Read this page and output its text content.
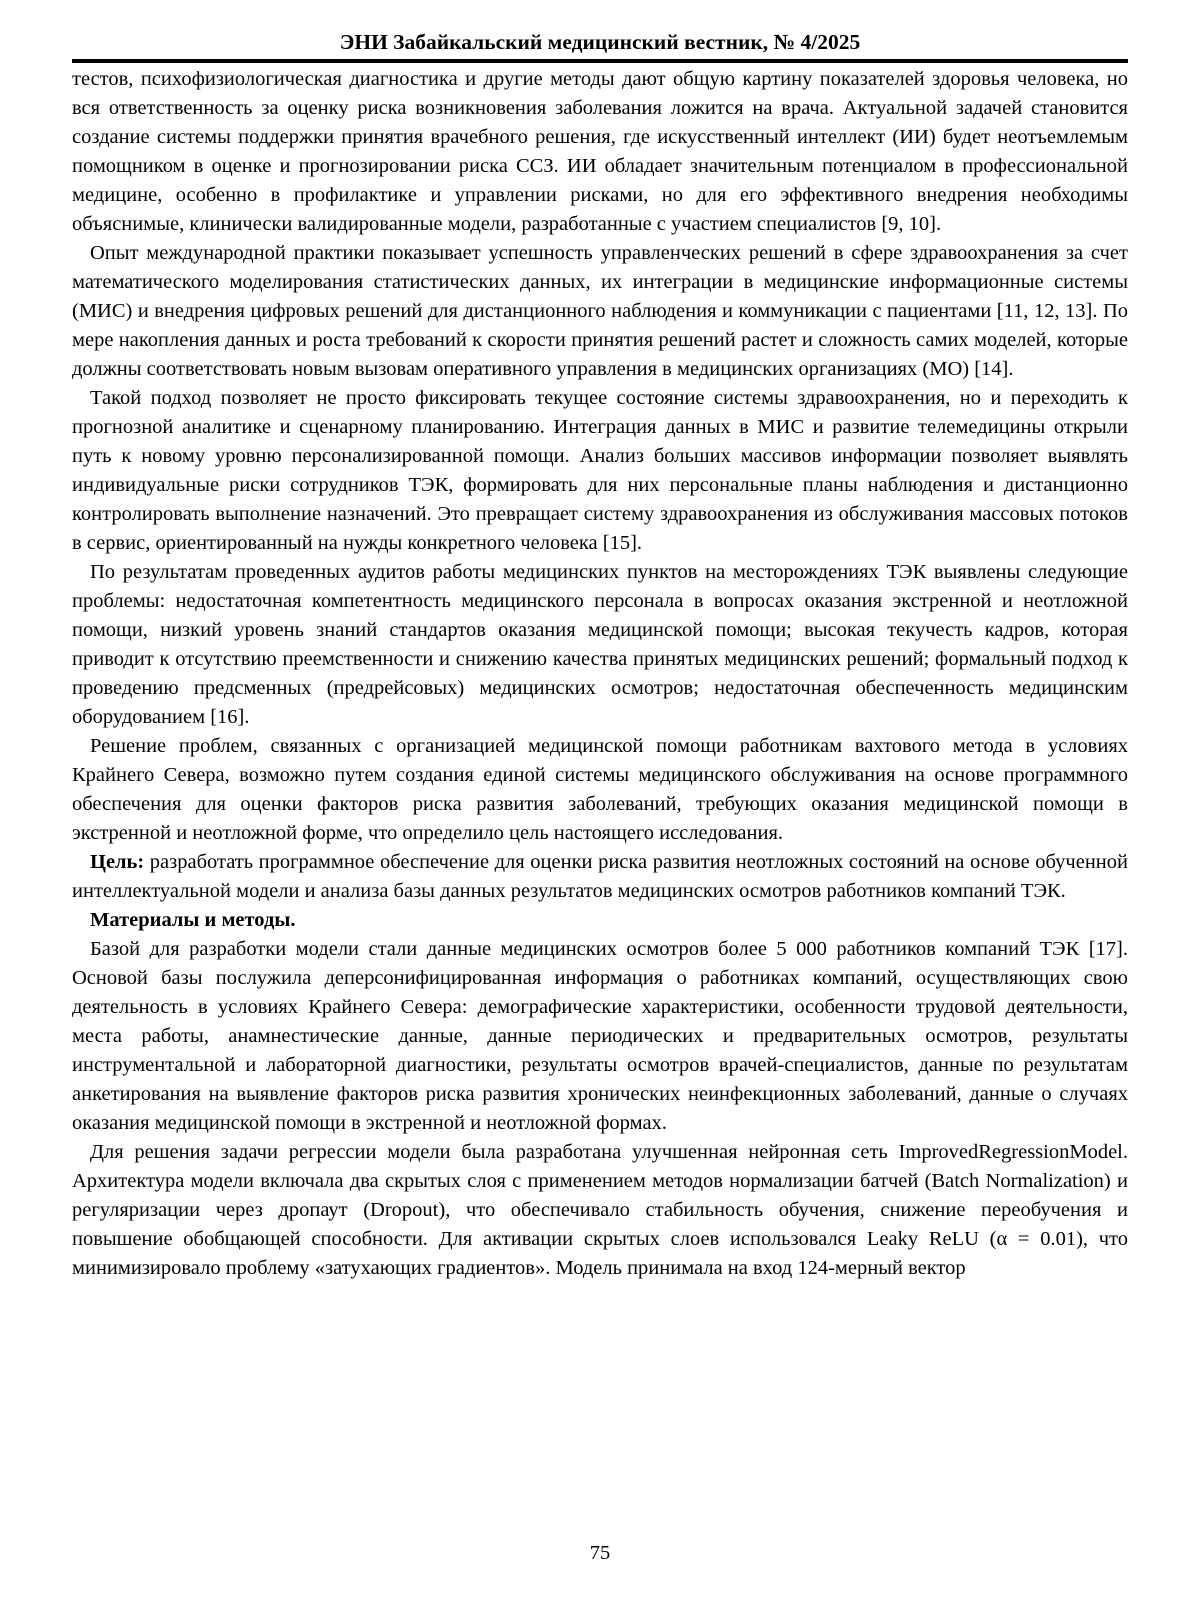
ЭНИ Забайкальский медицинский вестник, № 4/2025

тестов, психофизиологическая диагностика и другие методы дают общую картину показателей здоровья человека, но вся ответственность за оценку риска возникновения заболевания ложится на врача. Актуальной задачей становится создание системы поддержки принятия врачебного решения, где искусственный интеллект (ИИ) будет неотъемлемым помощником в оценке и прогнозировании риска ССЗ. ИИ обладает значительным потенциалом в профессиональной медицине, особенно в профилактике и управлении рисками, но для его эффективного внедрения необходимы объяснимые, клинически валидированные модели, разработанные с участием специалистов [9, 10].

Опыт международной практики показывает успешность управленческих решений в сфере здравоохранения за счет математического моделирования статистических данных, их интеграции в медицинские информационные системы (МИС) и внедрения цифровых решений для дистанционного наблюдения и коммуникации с пациентами [11, 12, 13]. По мере накопления данных и роста требований к скорости принятия решений растет и сложность самих моделей, которые должны соответствовать новым вызовам оперативного управления в медицинских организациях (МО) [14].

Такой подход позволяет не просто фиксировать текущее состояние системы здравоохранения, но и переходить к прогнозной аналитике и сценарному планированию. Интеграция данных в МИС и развитие телемедицины открыли путь к новому уровню персонализированной помощи. Анализ больших массивов информации позволяет выявлять индивидуальные риски сотрудников ТЭК, формировать для них персональные планы наблюдения и дистанционно контролировать выполнение назначений. Это превращает систему здравоохранения из обслуживания массовых потоков в сервис, ориентированный на нужды конкретного человека [15].

По результатам проведенных аудитов работы медицинских пунктов на месторождениях ТЭК выявлены следующие проблемы: недостаточная компетентность медицинского персонала в вопросах оказания экстренной и неотложной помощи, низкий уровень знаний стандартов оказания медицинской помощи; высокая текучесть кадров, которая приводит к отсутствию преемственности и снижению качества принятых медицинских решений; формальный подход к проведению предсменных (предрейсовых) медицинских осмотров; недостаточная обеспеченность медицинским оборудованием [16].

Решение проблем, связанных с организацией медицинской помощи работникам вахтового метода в условиях Крайнего Севера, возможно путем создания единой системы медицинского обслуживания на основе программного обеспечения для оценки факторов риска развития заболеваний, требующих оказания медицинской помощи в экстренной и неотложной форме, что определило цель настоящего исследования.

Цель: разработать программное обеспечение для оценки риска развития неотложных состояний на основе обученной интеллектуальной модели и анализа базы данных результатов медицинских осмотров работников компаний ТЭК.

Материалы и методы.

Базой для разработки модели стали данные медицинских осмотров более 5 000 работников компаний ТЭК [17]. Основой базы послужила деперсонифицированная информация о работниках компаний, осуществляющих свою деятельность в условиях Крайнего Севера: демографические характеристики, особенности трудовой деятельности, места работы, анамнестические данные, данные периодических и предварительных осмотров, результаты инструментальной и лабораторной диагностики, результаты осмотров врачей-специалистов, данные по результатам анкетирования на выявление факторов риска развития хронических неинфекционных заболеваний, данные о случаях оказания медицинской помощи в экстренной и неотложной формах.

Для решения задачи регрессии модели была разработана улучшенная нейронная сеть ImprovedRegressionModel. Архитектура модели включала два скрытых слоя с применением методов нормализации батчей (Batch Normalization) и регуляризации через дропаут (Dropout), что обеспечивало стабильность обучения, снижение переобучения и повышение обобщающей способности. Для активации скрытых слоев использовался Leaky ReLU (α = 0.01), что минимизировало проблему «затухающих градиентов». Модель принимала на вход 124-мерный вектор

75
